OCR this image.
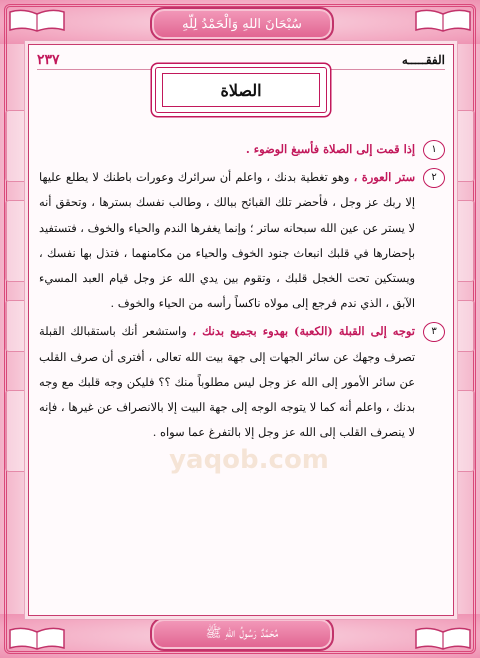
سُبْحَانَ اللهِ وَالْحَمْدُ لِلّهِ
مُحَمَّدٌ رَسُولُ اللهِ ﷺ
الفقـــــه
٢٣٧
الصلاة

١
إذا قمت إلى الصلاة فأسبغ الوضوء .

٢
ستر العورة ، وهو تغطية بدنك ، واعلم أن سرائرك وعورات باطنك لا يطلع عليها إلا ربك عز وجل ، فأحضر تلك القبائح ببالك ، وطالب نفسك بسترها ، وتحقق أنه لا يستر عن عين الله سبحانه ساتر ؛ وإنما يغفرها الندم والحياء والخوف ، فتستفيد بإحضارها في قلبك انبعاث جنود الخوف والحياء من مكامنهما ، فتذل بها نفسك ، ويستكين تحت الخجل قلبك ، وتقوم بين يدي الله عز وجل قيام العبد المسيء الآبق ، الذي ندم فرجع إلى مولاه ناكساً رأسه من الحياء والخوف .

٣
توجه إلى القبلة (الكعبة) بهدوء بجميع بدنك ، واستشعر أنك باستقبالك القبلة تصرف وجهك عن سائر الجهات إلى جهة بيت الله تعالى ، أفترى أن صرف القلب عن سائر الأمور إلى الله عز وجل ليس مطلوباً منك ؟؟ فليكن وجه قلبك مع وجه بدنك ، واعلم أنه كما لا يتوجه الوجه إلى جهة البيت إلا بالانصراف عن غيرها ، فإنه لا ينصرف القلب إلى الله عز وجل إلا بالتفرغ عما سواه .

yaqob.com
